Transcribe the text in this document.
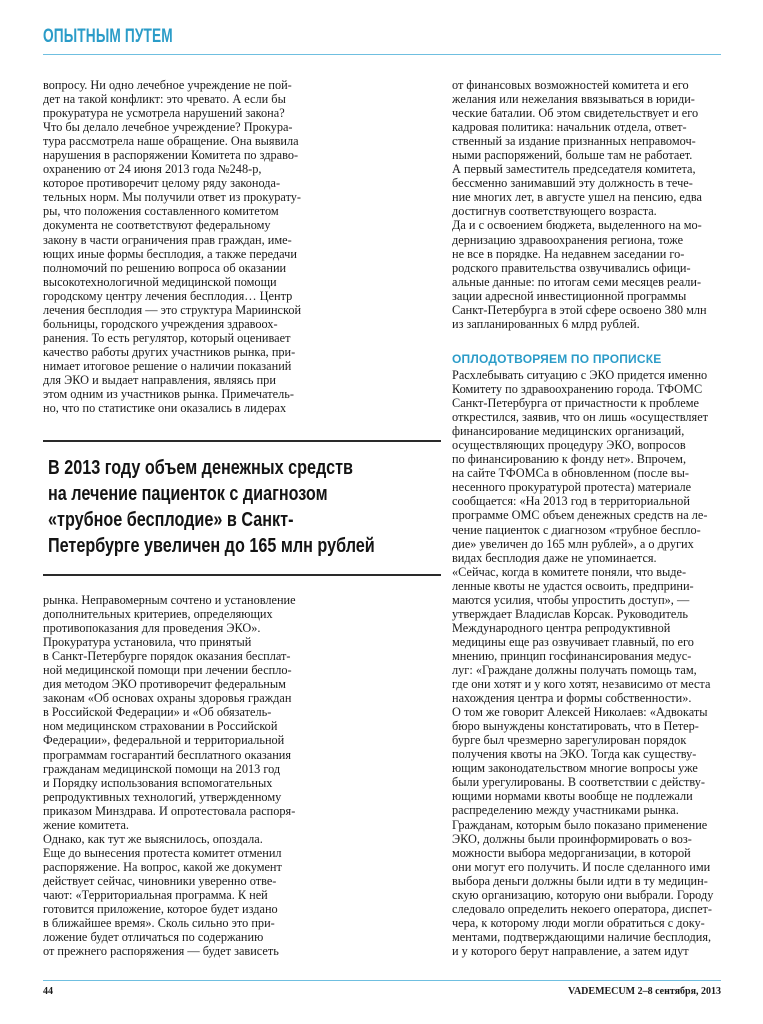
ОПЫТНЫМ ПУТЕМ
вопросу. Ни одно лечебное учреждение не пой-
дет на такой конфликт: это чревато. А если бы
прокуратура не усмотрела нарушений закона?
Что бы делало лечебное учреждение? Прокура-
тура рассмотрела наше обращение. Она выявила
нарушения в распоряжении Комитета по здраво-
охранению от 24 июня 2013 года №248-р,
которое противоречит целому ряду законода-
тельных норм. Мы получили ответ из прокурату-
ры, что положения составленного комитетом
документа не соответствуют федеральному
закону в части ограничения прав граждан, име-
ющих иные формы бесплодия, а также передачи
полномочий по решению вопроса об оказании
высокотехнологичной медицинской помощи
городскому центру лечения бесплодия… Центр
лечения бесплодия — это структура Мариинской
больницы, городского учреждения здравоох-
ранения. То есть регулятор, который оценивает
качество работы других участников рынка, при-
нимает итоговое решение о наличии показаний
для ЭКО и выдает направления, являясь при
этом одним из участников рынка. Примечатель-
но, что по статистике они оказались в лидерах
В 2013 году объем денежных средств
на лечение пациенток с диагнозом
«трубное бесплодие» в Санкт-
Петербурге увеличен до 165 млн рублей
рынка. Неправомерным сочтено и установление
дополнительных критериев, определяющих
противопоказания для проведения ЭКО».
Прокуратура установила, что принятый
в Санкт-Петербурге порядок оказания бесплат-
ной медицинской помощи при лечении беспло-
дия методом ЭКО противоречит федеральным
законам «Об основах охраны здоровья граждан
в Российской Федерации» и «Об обязатель-
ном медицинском страховании в Российской
Федерации», федеральной и территориальной
программам госгарантий бесплатного оказания
гражданам медицинской помощи на 2013 год
и Порядку использования вспомогательных
репродуктивных технологий, утвержденному
приказом Минздрава. И опротестовала распоря-
жение комитета.
Однако, как тут же выяснилось, опоздала.
Еще до вынесения протеста комитет отменил
распоряжение. На вопрос, какой же документ
действует сейчас, чиновники уверенно отве-
чают: «Территориальная программа. К ней
готовится приложение, которое будет издано
в ближайшее время». Сколь сильно это при-
ложение будет отличаться по содержанию
от прежнего распоряжения — будет зависеть
от финансовых возможностей комитета и его
желания или нежелания ввязываться в юриди-
ческие баталии. Об этом свидетельствует и его
кадровая политика: начальник отдела, ответ-
ственный за издание признанных неправомоч-
ными распоряжений, больше там не работает.
А первый заместитель председателя комитета,
бессменно занимавший эту должность в тече-
ние многих лет, в августе ушел на пенсию, едва
достигнув соответствующего возраста.
Да и с освоением бюджета, выделенного на мо-
дернизацию здравоохранения региона, тоже
не все в порядке. На недавнем заседании го-
родского правительства озвучивались офици-
альные данные: по итогам семи месяцев реали-
зации адресной инвестиционной программы
Санкт-Петербурга в этой сфере освоено 380 млн
из запланированных 6 млрд рублей.
ОПЛОДОТВОРЯЕМ ПО ПРОПИСКЕ
Расхлебывать ситуацию с ЭКО придется именно
Комитету по здравоохранению города. ТФОМС
Санкт-Петербурга от причастности к проблеме
открестился, заявив, что он лишь «осуществляет
финансирование медицинских организаций,
осуществляющих процедуру ЭКО, вопросов
по финансированию к фонду нет». Впрочем,
на сайте ТФОМСа в обновленном (после вы-
несенного прокуратурой протеста) материале
сообщается: «На 2013 год в территориальной
программе ОМС объем денежных средств на ле-
чение пациенток с диагнозом «трубное беспло-
дие» увеличен до 165 млн рублей», а о других
видах бесплодия даже не упоминается.
«Сейчас, когда в комитете поняли, что выде-
ленные квоты не удастся освоить, предприни-
маются усилия, чтобы упростить доступ», —
утверждает Владислав Корсак. Руководитель
Международного центра репродуктивной
медицины еще раз озвучивает главный, по его
мнению, принцип госфинансирования медус-
луг: «Граждане должны получать помощь там,
где они хотят и у кого хотят, независимо от места
нахождения центра и формы собственности».
О том же говорит Алексей Николаев: «Адвокаты
бюро вынуждены констатировать, что в Петер-
бурге был чрезмерно зарегулирован порядок
получения квоты на ЭКО. Тогда как существу-
ющим законодательством многие вопросы уже
были урегулированы. В соответствии с действу-
ющими нормами квоты вообще не подлежали
распределению между участниками рынка.
Гражданам, которым было показано применение
ЭКО, должны были проинформировать о воз-
можности выбора медорганизации, в которой
они могут его получить. И после сделанного ими
выбора деньги должны были идти в ту медицин-
скую организацию, которую они выбрали. Городу
следовало определить некоего оператора, диспет-
чера, к которому люди могли обратиться с доку-
ментами, подтверждающими наличие бесплодия,
и у которого берут направление, а затем идут
44	VADEMECUM 2–8 сентября, 2013
